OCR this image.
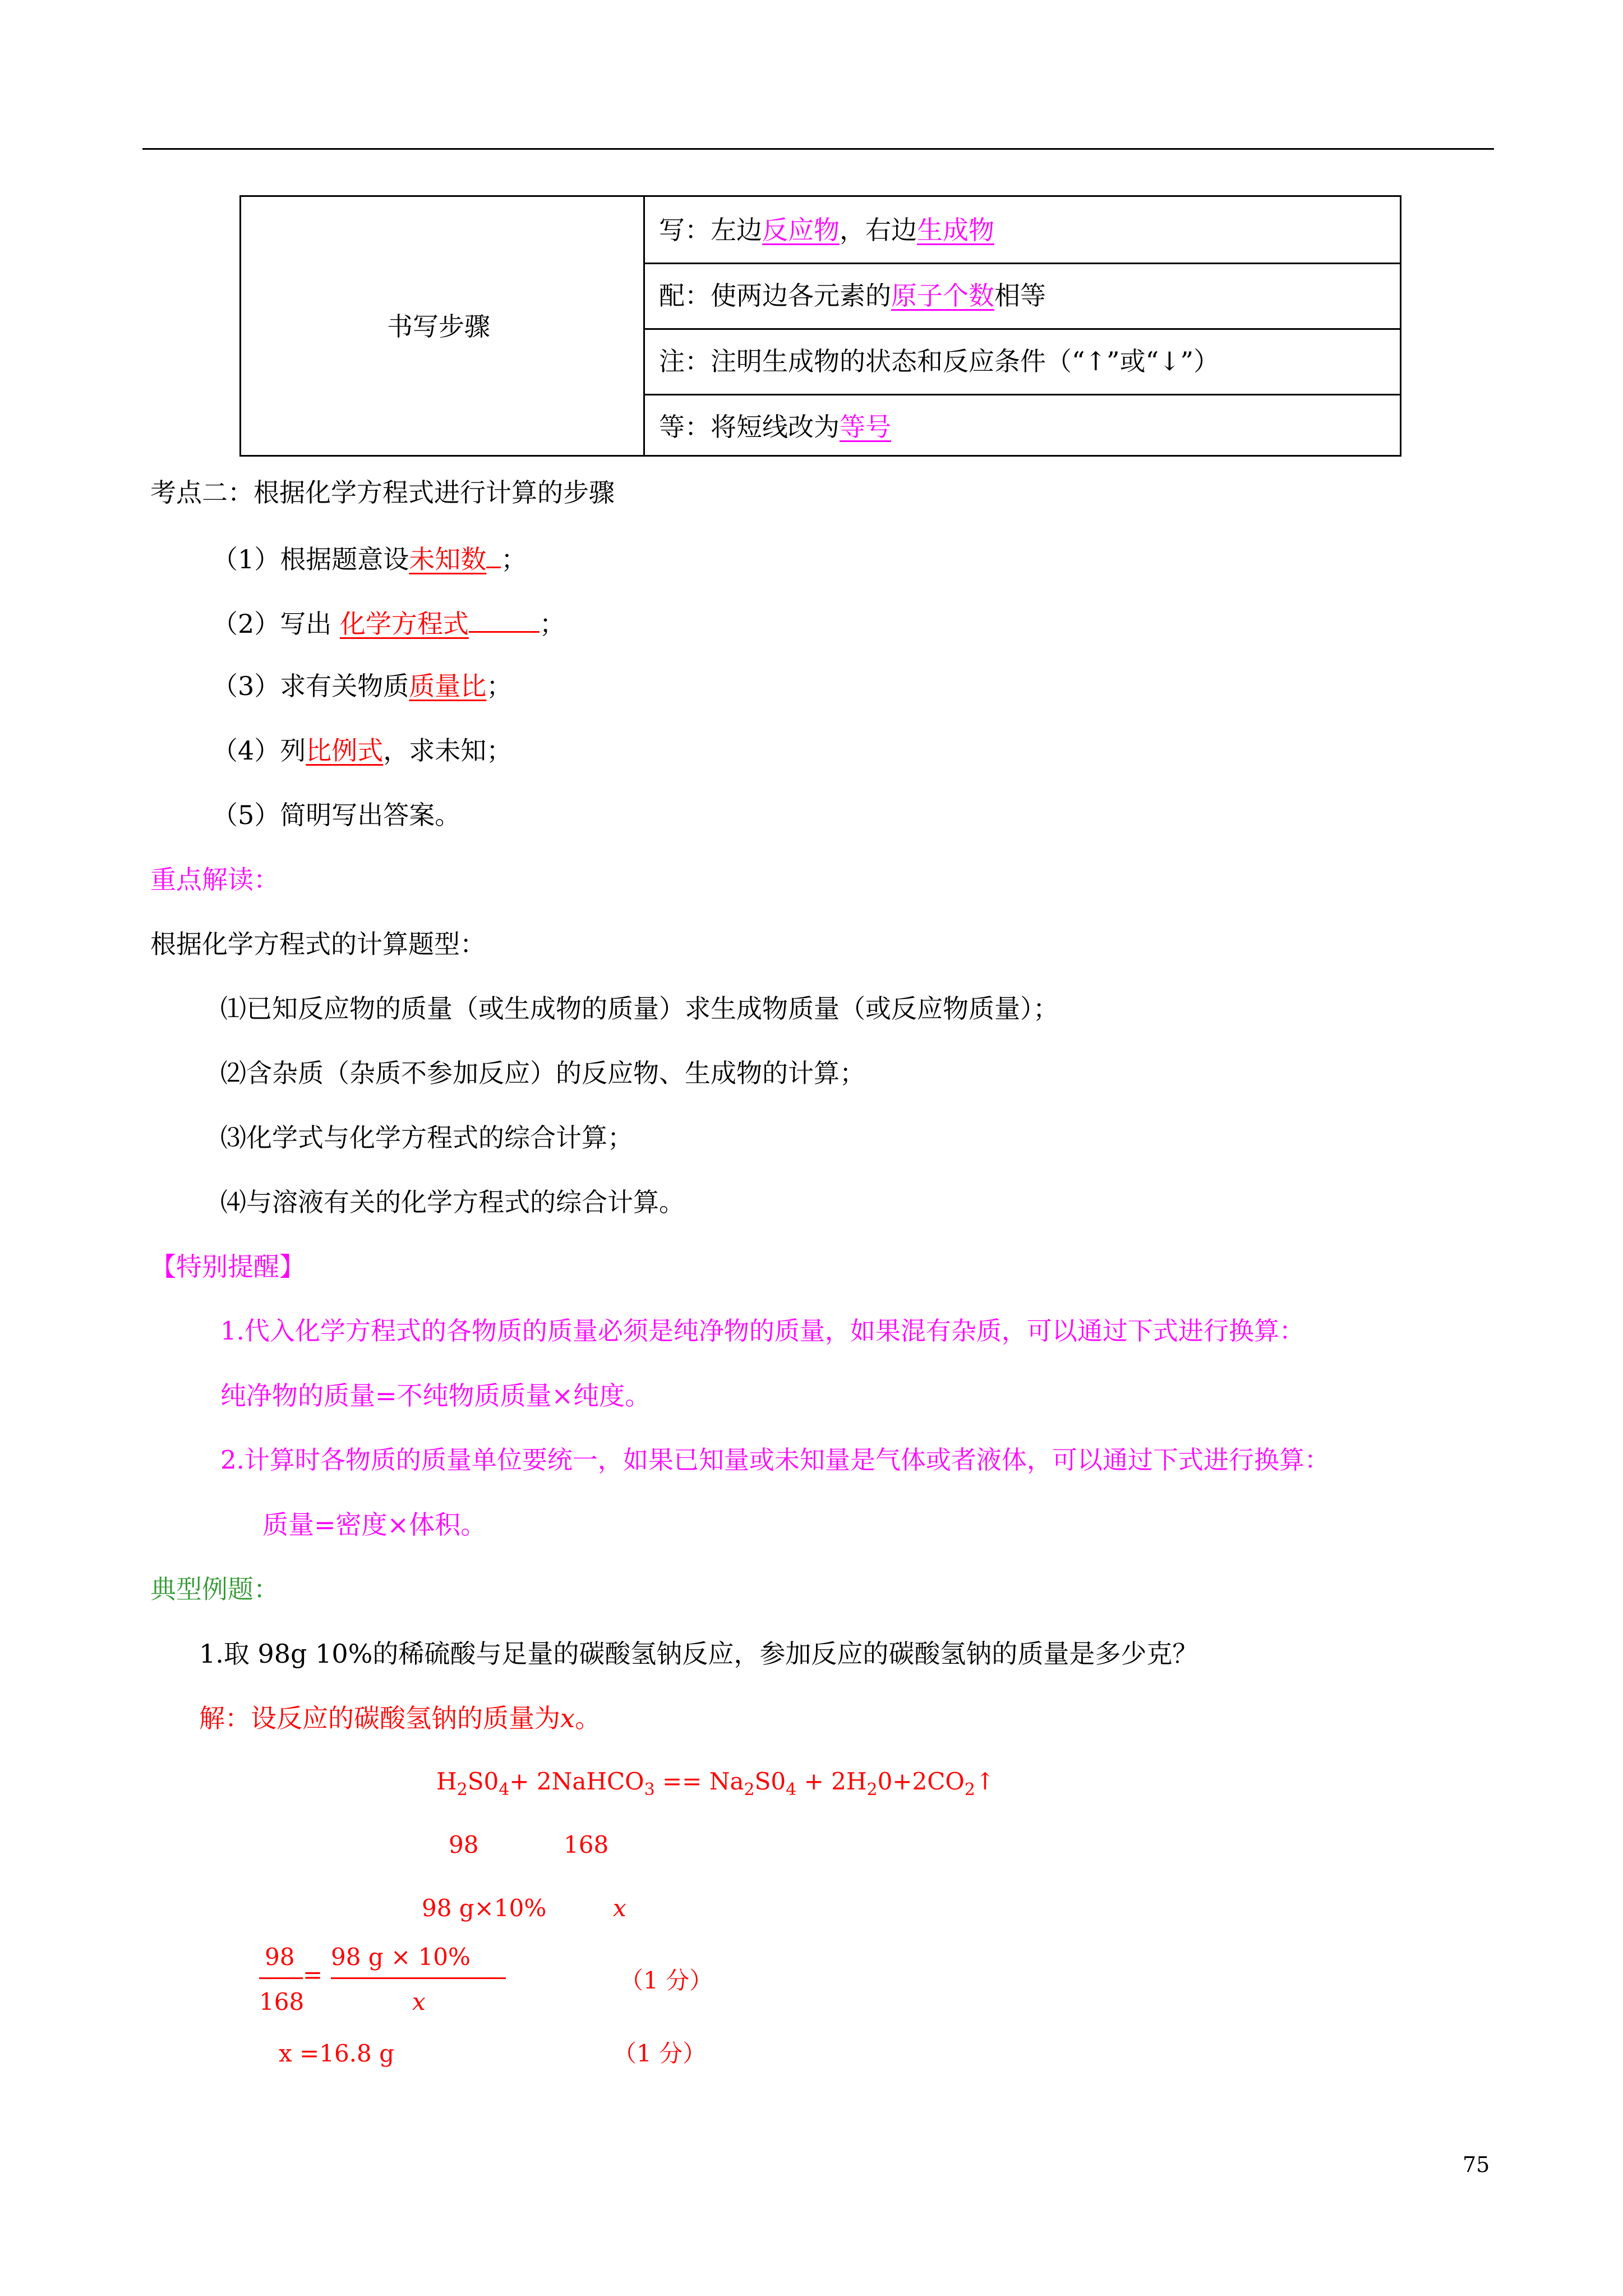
书写步骤
写：左边反应物，右边生成物
配：使两边各元素的原子个数相等
注：注明生成物的状态和反应条件（“↑”或“↓”）
等：将短线改为等号
考点二：根据化学方程式进行计算的步骤
（1）根据题意设未知数 ；
（2）写出 化学方程式	；
（3）求有关物质质量比；
（4）列比例式，求未知；
（5）简明写出答案。
重点解读：
根据化学方程式的计算题型：
⑴已知反应物的质量（或生成物的质量）求生成物质量（或反应物质量）；
⑵含杂质（杂质不参加反应）的反应物、生成物的计算；
⑶化学式与化学方程式的综合计算；
⑷与溶液有关的化学方程式的综合计算。
【特别提醒】
1.代入化学方程式的各物质的质量必须是纯净物的质量，如果混有杂质，可以通过下式进行换算：
纯净物的质量=不纯物质质量×纯度。
2.计算时各物质的质量单位要统一，如果已知量或未知量是气体或者液体，可以通过下式进行换算：
质量=密度×体积。
典型例题：
1.取 98g 10%的稀硫酸与足量的碳酸氢钠反应，参加反应的碳酸氢钠的质量是多少克？
解：设反应的碳酸氢钠的质量为x。
$H_2S0_4+$ 2NaHCO$_3$ == $Na_2S0_4$ + $2H_20+2CO_2↑$
98	168
98 g×10%	x
98
168
=
98 g × 10%
x
（1 分）
x =16.8 g	（1 分）
75
